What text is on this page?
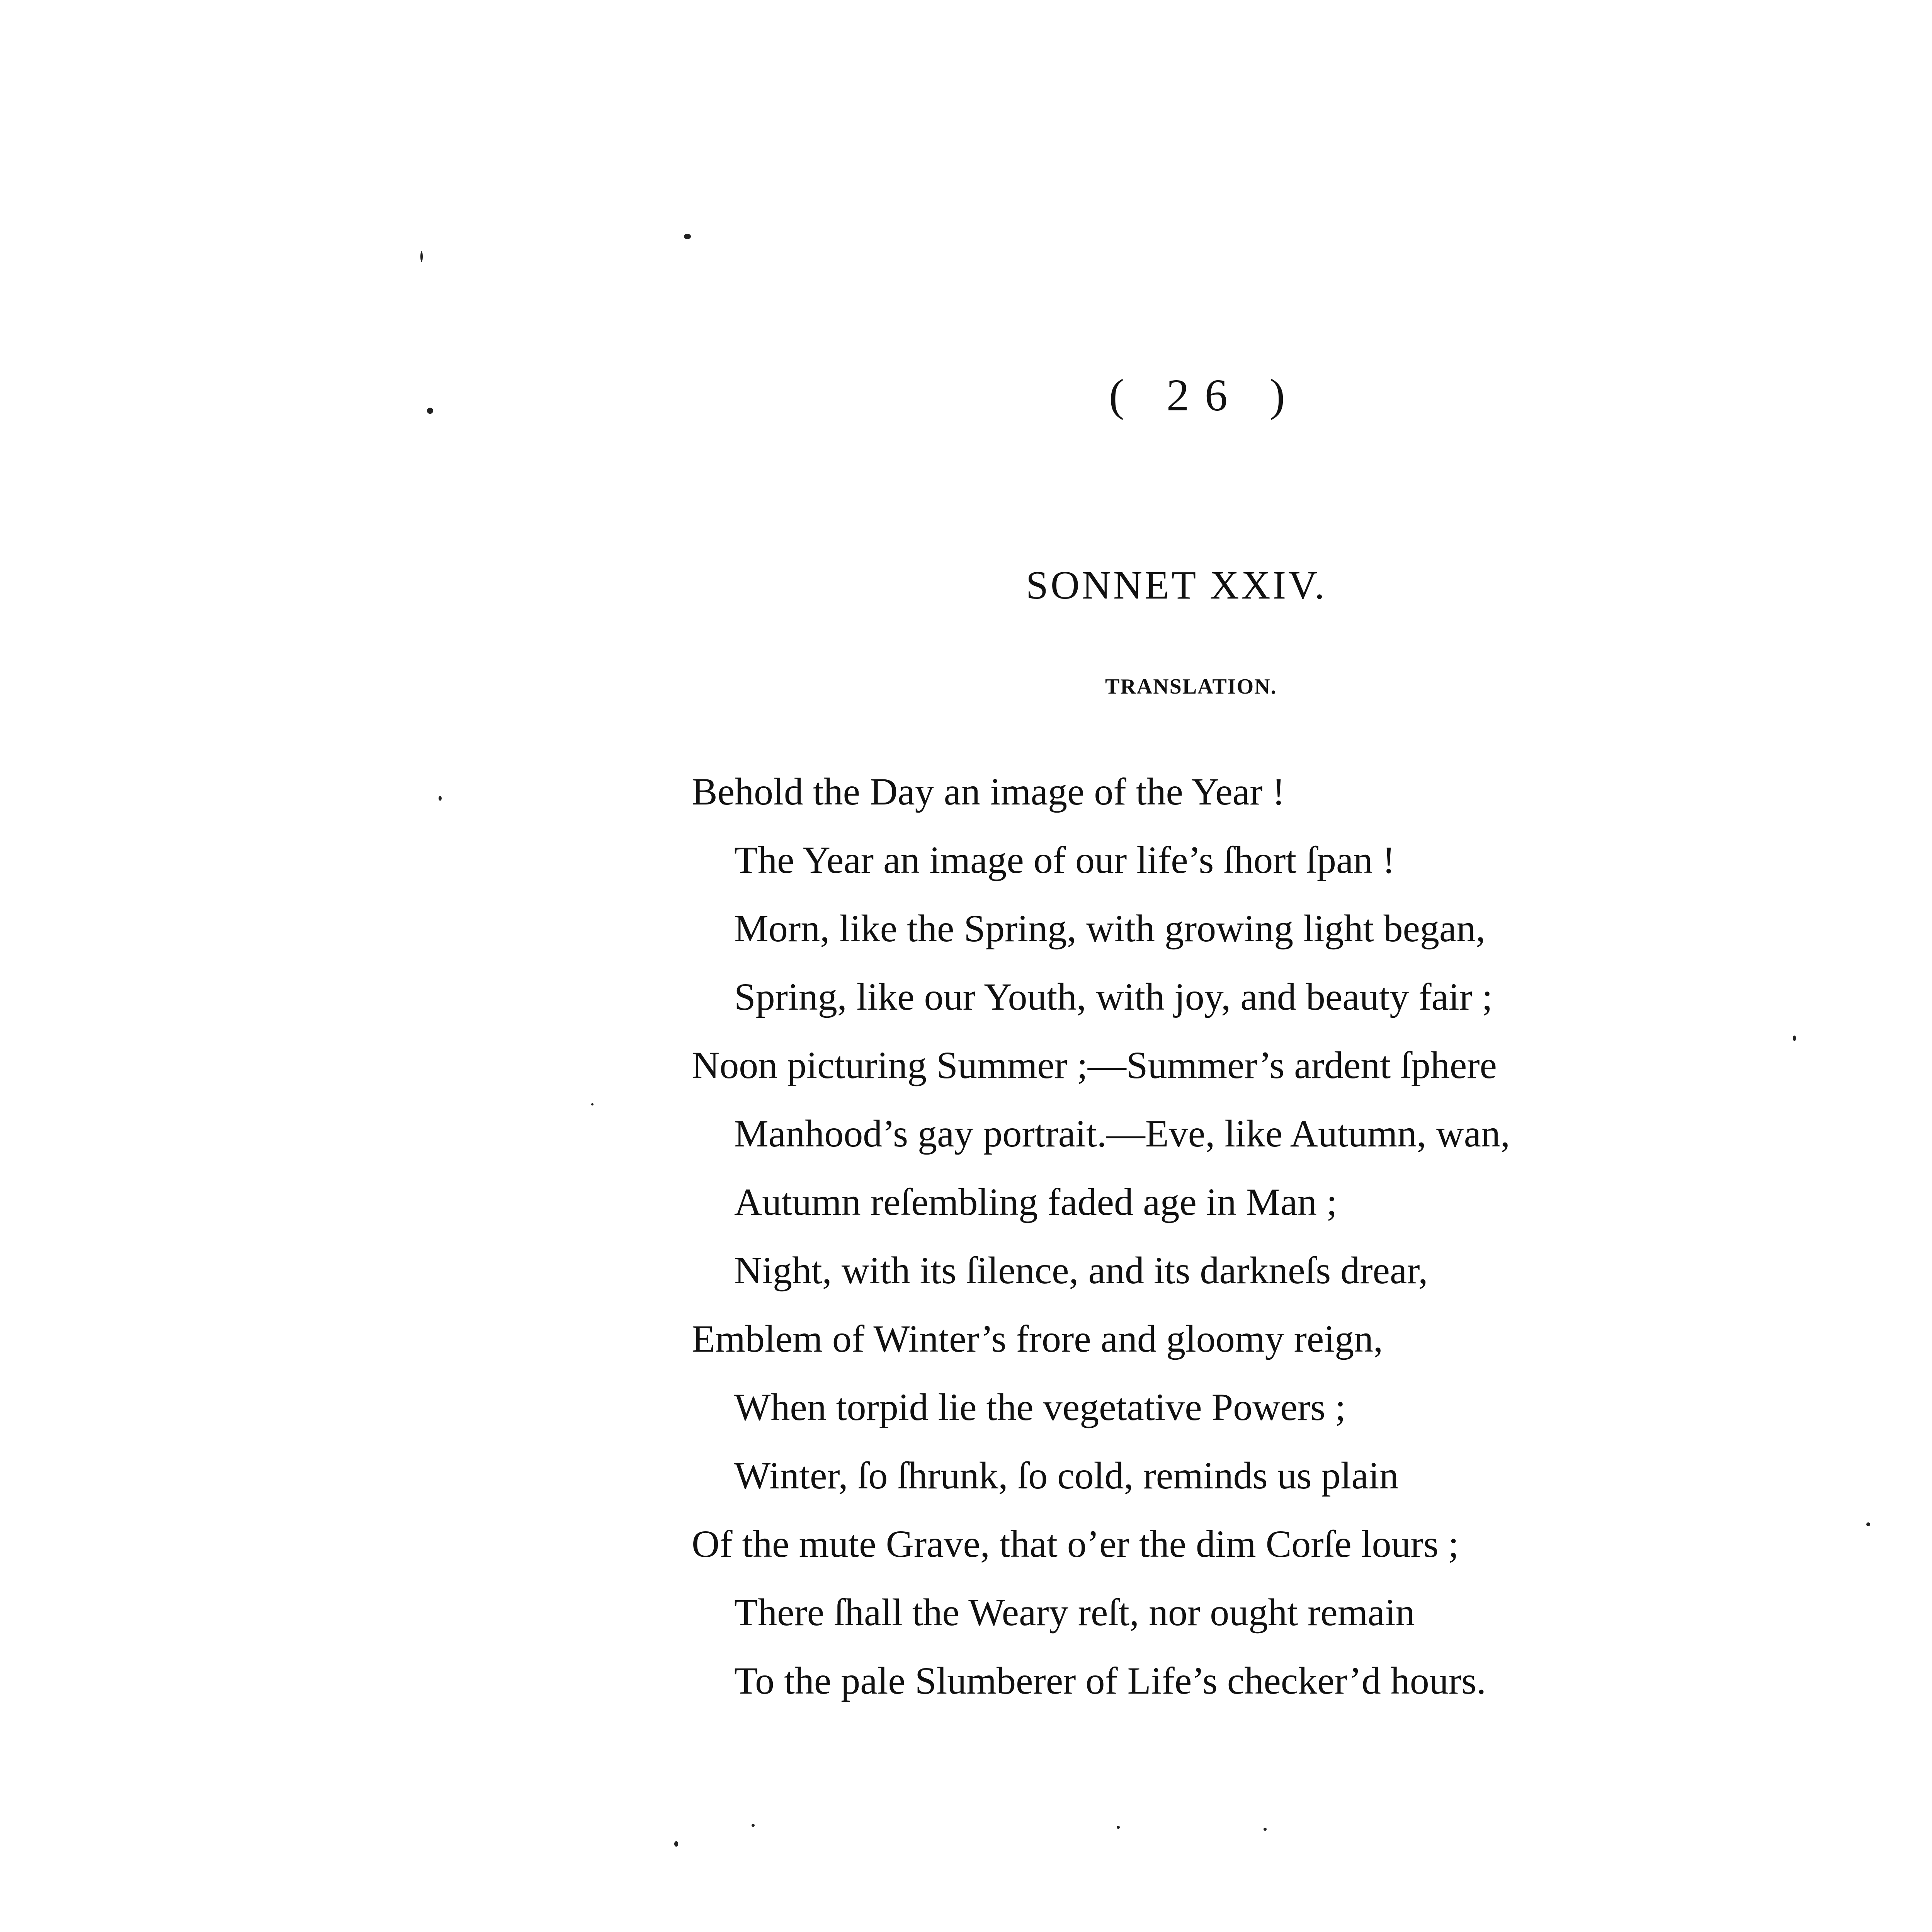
( 26 )
SONNET XXIV.
TRANSLATION.
Behold the Day an image of the Year !
The Year an image of our life’s ſhort ſpan !
Morn, like the Spring, with growing light began,
Spring, like our Youth, with joy, and beauty fair ;
Noon picturing Summer ;—Summer’s ardent ſphere
Manhood’s gay portrait.—Eve, like Autumn, wan,
Autumn reſembling faded age in Man ;
Night, with its ſilence, and its darkneſs drear,
Emblem of Winter’s frore and gloomy reign,
When torpid lie the vegetative Powers ;
Winter, ſo ſhrunk, ſo cold, reminds us plain
Of the mute Grave, that o’er the dim Corſe lours ;
There ſhall the Weary reſt, nor ought remain
To the pale Slumberer of Life’s checker’d hours.
